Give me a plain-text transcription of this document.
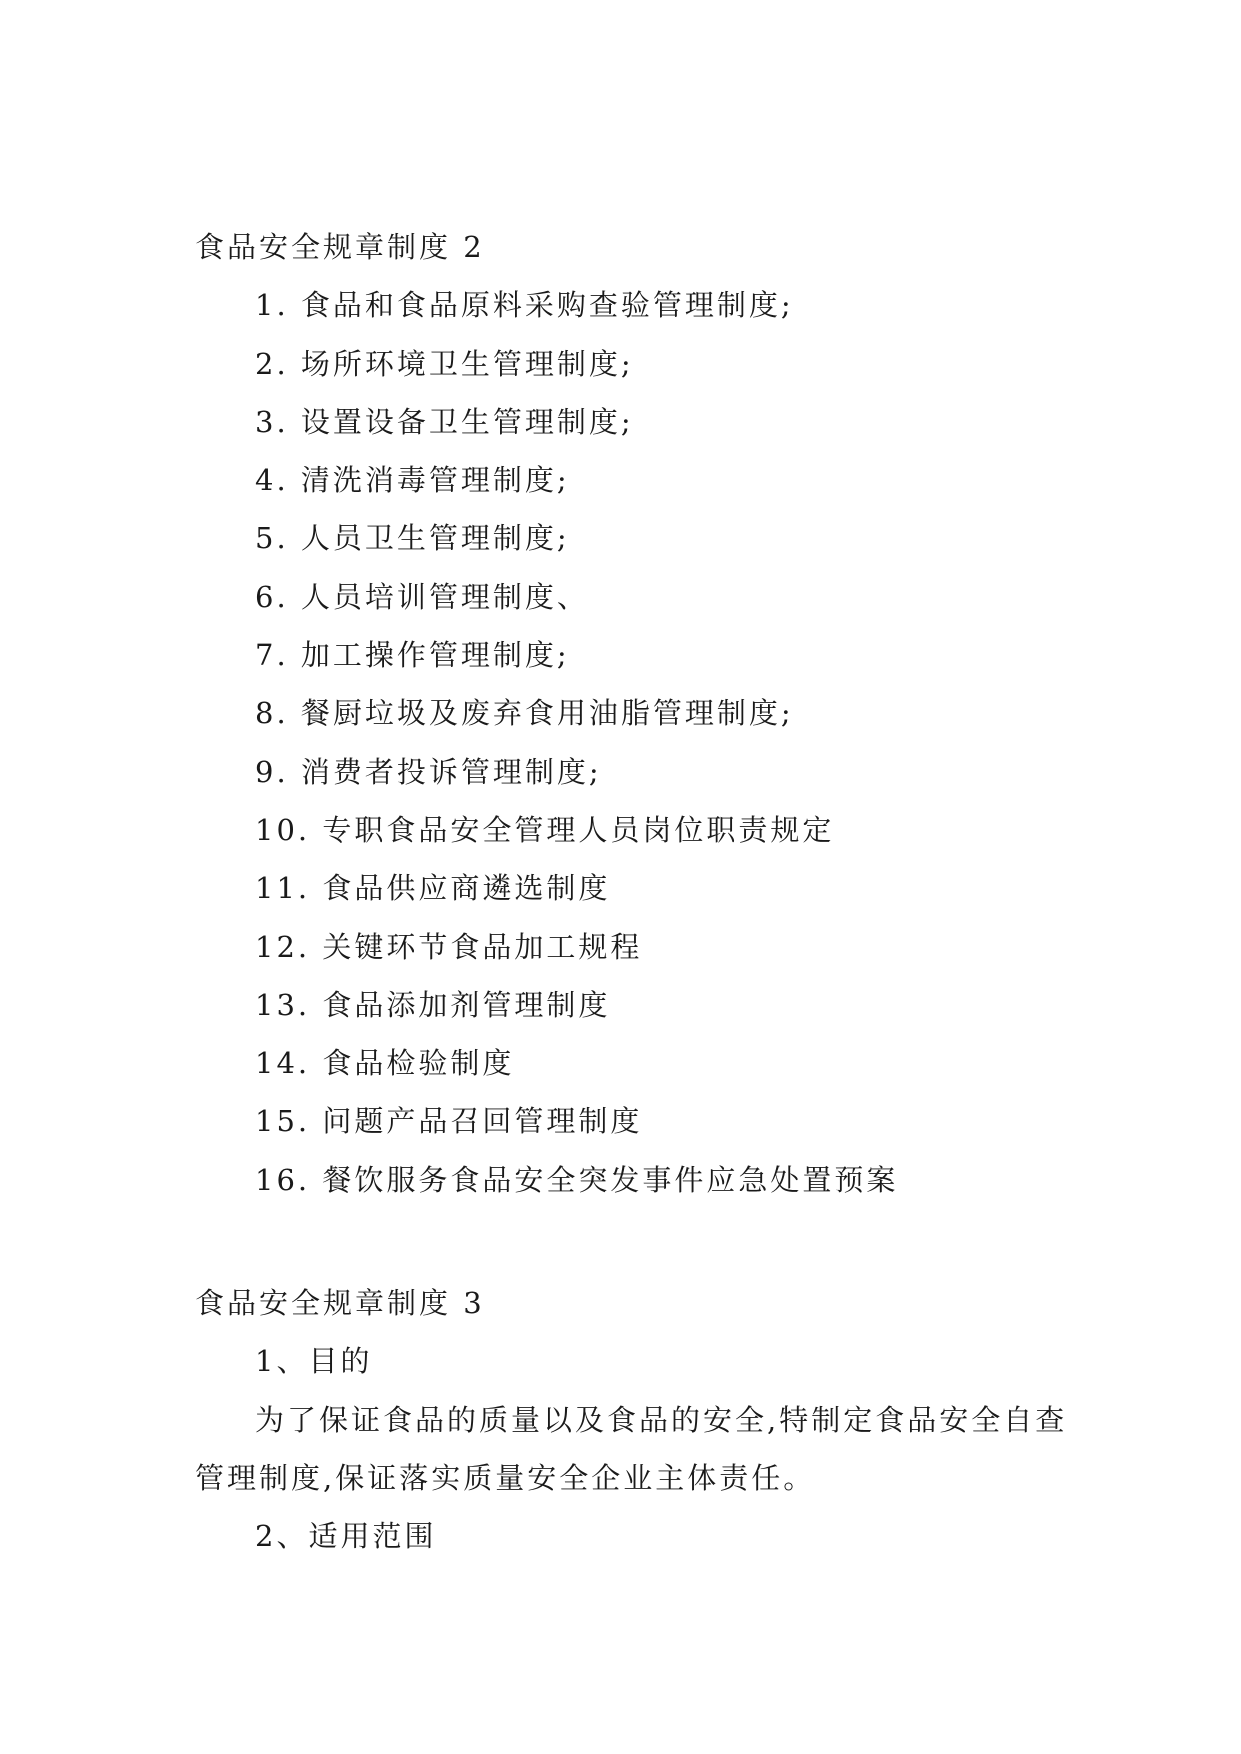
食品安全规章制度 2
1. 食品和食品原料采购查验管理制度;
2. 场所环境卫生管理制度;
3. 设置设备卫生管理制度;
4. 清洗消毒管理制度;
5. 人员卫生管理制度;
6. 人员培训管理制度、
7. 加工操作管理制度;
8. 餐厨垃圾及废弃食用油脂管理制度;
9. 消费者投诉管理制度;
10. 专职食品安全管理人员岗位职责规定
11. 食品供应商遴选制度
12. 关键环节食品加工规程
13. 食品添加剂管理制度
14. 食品检验制度
15. 问题产品召回管理制度
16. 餐饮服务食品安全突发事件应急处置预案
食品安全规章制度 3
1、目的

为了保证食品的质量以及食品的安全,特制定食品安全自查管理制度,保证落实质量安全企业主体责任。

2、适用范围
